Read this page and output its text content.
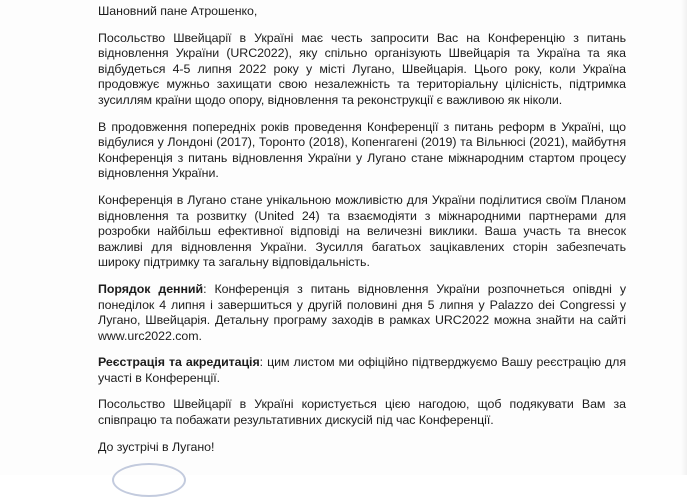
Шановний пане Атрошенко,

Посольство Швейцарії в Україні має честь запросити Вас на Конференцію з питань відновлення України (URC2022), яку спільно організують Швейцарія та Україна та яка відбудеться 4-5 липня 2022 року у місті Лугано, Швейцарія. Цього року, коли Україна продовжує мужньо захищати свою незалежність та територіальну цілісність, підтримка зусиллям країни щодо опору, відновлення та реконструкції є важливою як ніколи.

В продовження попередніх років проведення Конференції з питань реформ в Україні, що відбулися у Лондоні (2017), Торонто (2018), Копенгагені (2019) та Вільнюсі (2021), майбутня Конференція з питань відновлення України у Лугано стане міжнародним стартом процесу відновлення України.

Конференція в Лугано стане унікальною можливістю для України поділитися своїм Планом відновлення та розвитку (United 24) та взаємодіяти з міжнародними партнерами для розробки найбільш ефективної відповіді на величезні виклики. Ваша участь та внесок важливі для відновлення України. Зусилля багатьох зацікавлених сторін забезпечать широку підтримку та загальну відповідальність.

Порядок денний: Конференція з питань відновлення України розпочнеться опівдні у понеділок 4 липня і завершиться у другій половині дня 5 липня у Palazzo dei Congressi у Лугано, Швейцарія. Детальну програму заходів в рамках URC2022 можна знайти на сайті www.urc2022.com.

Реєстрація та акредитація: цим листом ми офіційно підтверджуємо Вашу реєстрацію для участі в Конференції.

Посольство Швейцарії в Україні користується цією нагодою, щоб подякувати Вам за співпрацю та побажати результативних дискусій під час Конференції.

До зустрічі в Лугано!
